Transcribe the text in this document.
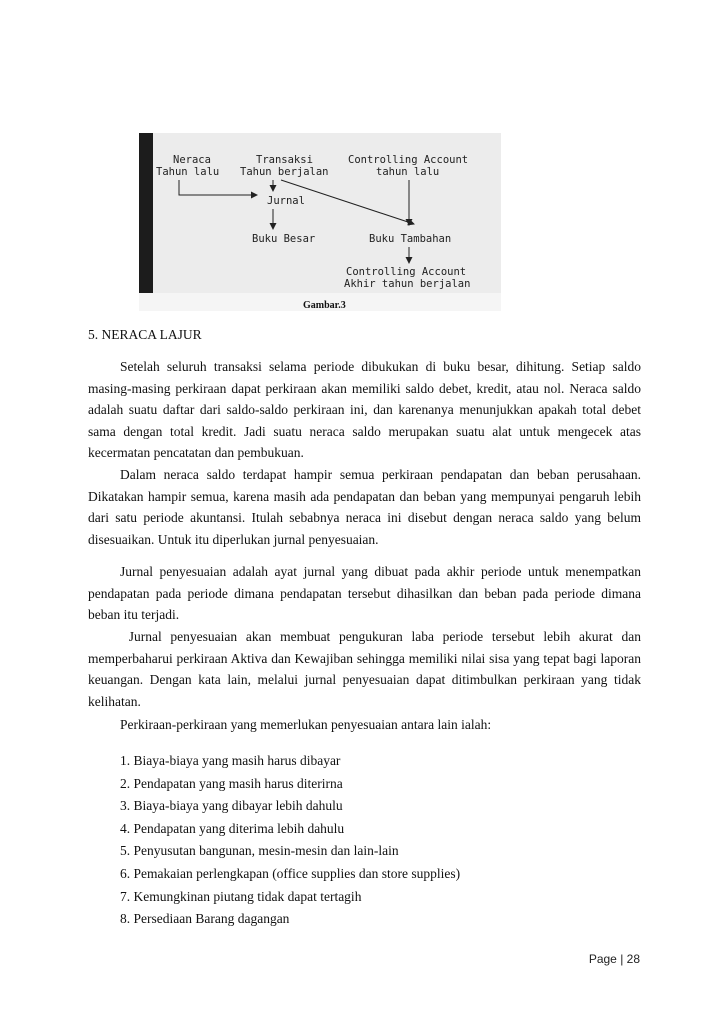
Neraca
Tahun lalu
Transaksi
Tahun berjalan
Controlling Account
tahun lalu
Jurnal
Buku Besar	Buku Tambahan
Controlling Account
Akhir tahun berjalan
Gambar.3
5. NERACA LAJUR

Setelah seluruh transaksi selama periode dibukukan di buku besar, dihitung. Setiap saldo masing-masing perkiraan dapat perkiraan akan memiliki saldo debet, kredit, atau nol. Neraca saldo adalah suatu daftar dari saldo-saldo perkiraan ini, dan karenanya menunjukkan apakah total debet sama dengan total kredit. Jadi suatu neraca saldo merupakan suatu alat untuk mengecek atas kecermatan pencatatan dan pembukuan.

Dalam neraca saldo terdapat hampir semua perkiraan pendapatan dan beban perusahaan. Dikatakan hampir semua, karena masih ada pendapatan dan beban yang mempunyai pengaruh lebih dari satu periode akuntansi. Itulah sebabnya neraca ini disebut dengan neraca saldo yang belum disesuaikan. Untuk itu diperlukan jurnal penyesuaian.

Jurnal penyesuaian adalah ayat jurnal yang dibuat pada akhir periode untuk menempatkan pendapatan pada periode dimana pendapatan tersebut dihasilkan dan beban pada periode dimana beban itu terjadi.

Jurnal penyesuaian akan membuat pengukuran laba periode tersebut lebih akurat dan memperbaharui perkiraan Aktiva dan Kewajiban sehingga memiliki nilai sisa yang tepat bagi laporan keuangan. Dengan kata lain, melalui jurnal penyesuaian dapat ditimbulkan perkiraan yang tidak kelihatan.

Perkiraan-perkiraan yang memerlukan penyesuaian antara lain ialah:
1. Biaya-biaya yang masih harus dibayar
2. Pendapatan yang masih harus diterirna
3. Biaya-biaya yang dibayar lebih dahulu
4. Pendapatan yang diterima lebih dahulu
5. Penyusutan bangunan, mesin-mesin dan lain-lain
6. Pemakaian perlengkapan (office supplies dan store supplies)
7. Kemungkinan piutang tidak dapat tertagih
8. Persediaan Barang dagangan
Page | 28
